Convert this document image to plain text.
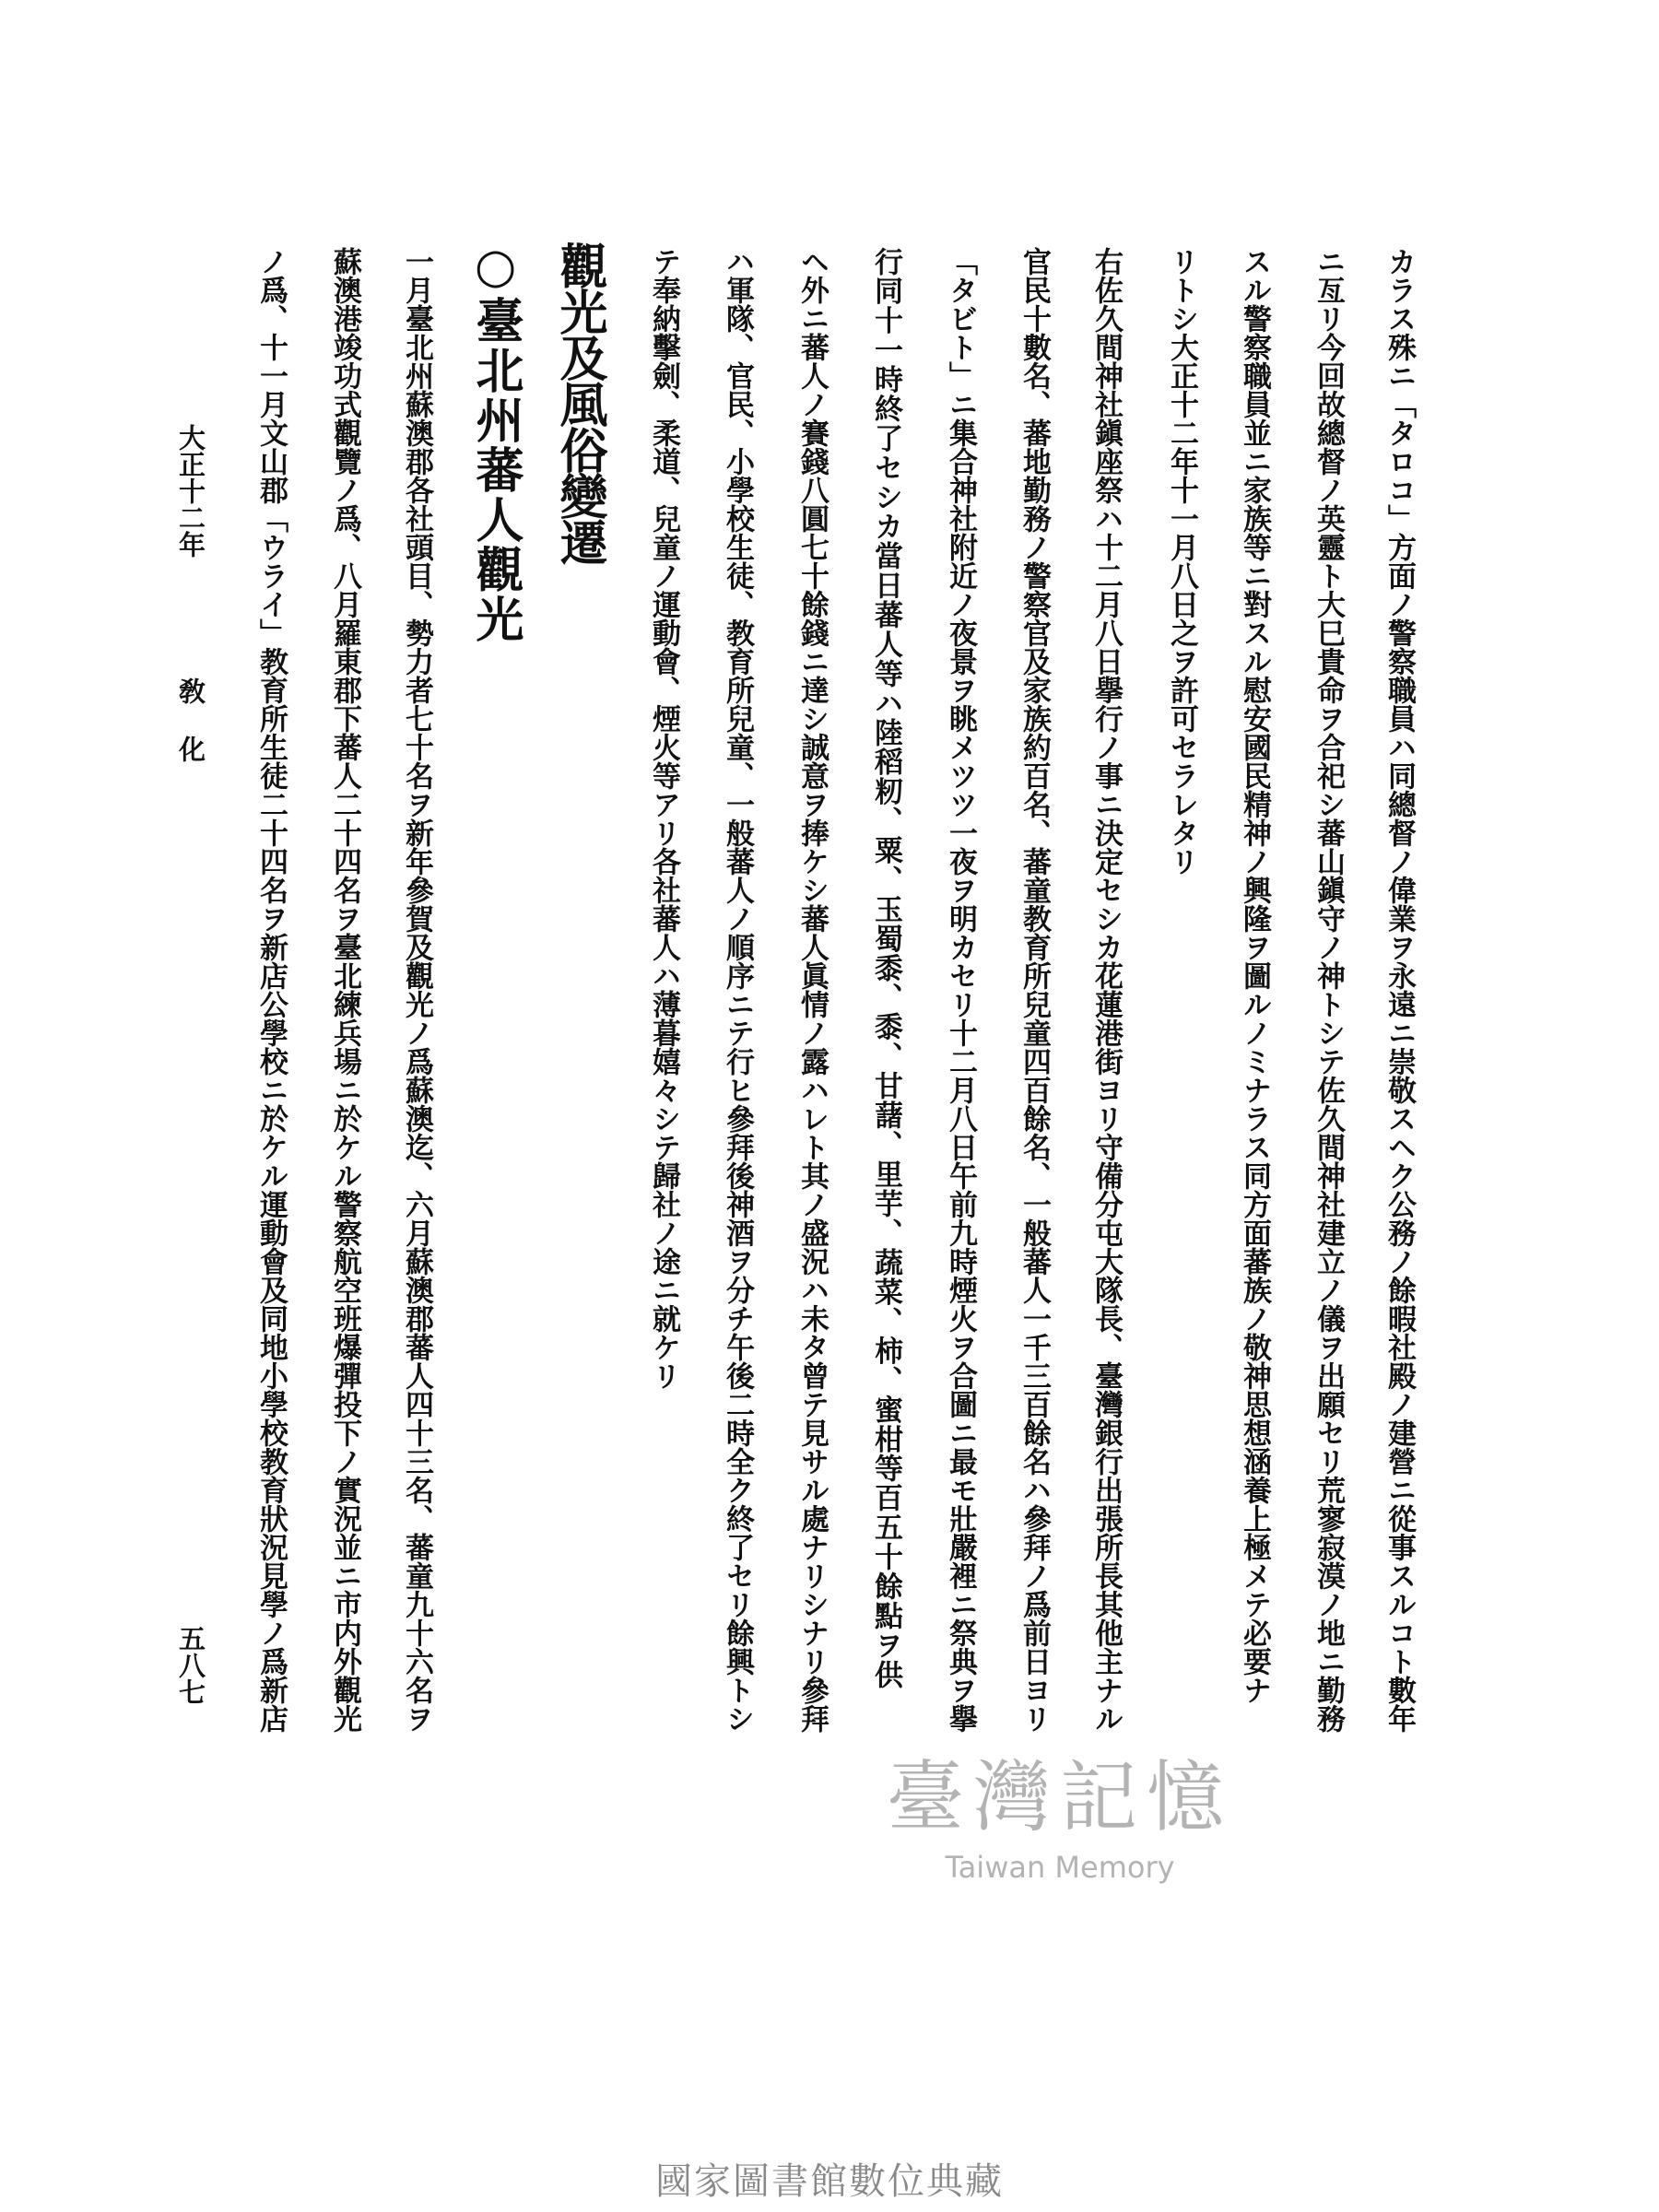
カラス殊ニ「タロコ」方面ノ警察職員ハ同總督ノ偉業ヲ永遠ニ崇敬スヘク公務ノ餘暇社殿ノ建營ニ從事スルコト數年
ニ亙リ今回故總督ノ英靈ト大巳貴命ヲ合祀シ蕃山鎭守ノ神トシテ佐久間神社建立ノ儀ヲ出願セリ荒寥寂漠ノ地ニ勤務
スル警察職員並ニ家族等ニ對スル慰安國民精神ノ興隆ヲ圖ルノミナラス同方面蕃族ノ敬神思想涵養上極メテ必要ナ
リトシ大正十二年十一月八日之ヲ許可セラレタリ
右佐久間神社鎭座祭ハ十二月八日擧行ノ事ニ決定セシカ花蓮港街ヨリ守備分屯大隊長、臺灣銀行出張所長其他主ナル
官民十數名、蕃地勤務ノ警察官及家族約百名、蕃童教育所兒童四百餘名、一般蕃人一千三百餘名ハ參拜ノ爲前日ヨリ
「タビト」ニ集合神社附近ノ夜景ヲ眺メツツ一夜ヲ明カセリ十二月八日午前九時煙火ヲ合圖ニ最モ壯嚴裡ニ祭典ヲ擧
行同十一時終了セシカ當日蕃人等ハ陸稻籾、粟、玉蜀黍、黍、甘藷、里芋、蔬菜、柿、蜜柑等百五十餘點ヲ供
ヘ外ニ蕃人ノ賽錢八圓七十餘錢ニ達シ誠意ヲ捧ケシ蕃人眞情ノ露ハレト其ノ盛況ハ未タ曾テ見サル處ナリシナリ參拜
ハ軍隊、官民、小學校生徒、教育所兒童、一般蕃人ノ順序ニテ行ヒ參拜後神酒ヲ分チ午後二時全ク終了セリ餘興トシ
テ奉納擊劍、柔道、兒童ノ運動會、煙火等アリ各社蕃人ハ薄暮嬉々シテ歸社ノ途ニ就ケリ
觀光及風俗變遷
○臺北州蕃人觀光
一月臺北州蘇澳郡各社頭目、勢力者七十名ヲ新年參賀及觀光ノ爲蘇澳迄、六月蘇澳郡蕃人四十三名、蕃童九十六名ヲ
蘇澳港竣功式觀覽ノ爲、八月羅東郡下蕃人二十四名ヲ臺北練兵場ニ於ケル警察航空班爆彈投下ノ實況並ニ市内外觀光
ノ爲、十一月文山郡「ウライ」教育所生徒二十四名ヲ新店公學校ニ於ケル運動會及同地小學校教育狀況見學ノ爲新店
大正十二年
敎
化
五八七
臺灣記憶
Taiwan Memory
國家圖書館數位典藏
